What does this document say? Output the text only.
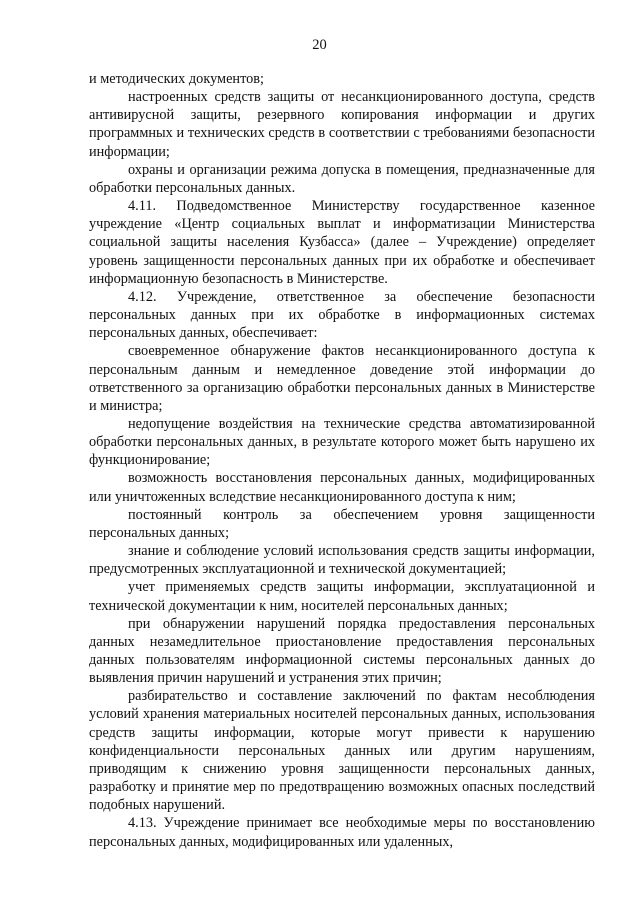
20

и методических документов;

настроенных средств защиты от несанкционированного доступа, средств антивирусной защиты, резервного копирования информации и других программных и технических средств в соответствии с требованиями безопасности информации;

охраны и организации режима допуска в помещения, предназначенные для обработки персональных данных.

4.11. Подведомственное Министерству государственное казенное учреждение «Центр социальных выплат и информатизации Министерства социальной защиты населения Кузбасса» (далее – Учреждение) определяет уровень защищенности персональных данных при их обработке и обеспечивает информационную безопасность в Министерстве.

4.12. Учреждение, ответственное за обеспечение безопасности персональных данных при их обработке в информационных системах персональных данных, обеспечивает:

своевременное обнаружение фактов несанкционированного доступа к персональным данным и немедленное доведение этой информации до ответственного за организацию обработки персональных данных в Министерстве и министра;

недопущение воздействия на технические средства автоматизированной обработки персональных данных, в результате которого может быть нарушено их функционирование;

возможность восстановления персональных данных, модифицированных или уничтоженных вследствие несанкционированного доступа к ним;

постоянный контроль за обеспечением уровня защищенности персональных данных;

знание и соблюдение условий использования средств защиты информации, предусмотренных эксплуатационной и технической документацией;

учет применяемых средств защиты информации, эксплуатационной и технической документации к ним, носителей персональных данных;

при обнаружении нарушений порядка предоставления персональных данных незамедлительное приостановление предоставления персональных данных пользователям информационной системы персональных данных до выявления причин нарушений и устранения этих причин;

разбирательство и составление заключений по фактам несоблюдения условий хранения материальных носителей персональных данных, использования средств защиты информации, которые могут привести к нарушению конфиденциальности персональных данных или другим нарушениям, приводящим к снижению уровня защищенности персональных данных, разработку и принятие мер по предотвращению возможных опасных последствий подобных нарушений.

4.13. Учреждение принимает все необходимые меры по восстановлению персональных данных, модифицированных или удаленных,
